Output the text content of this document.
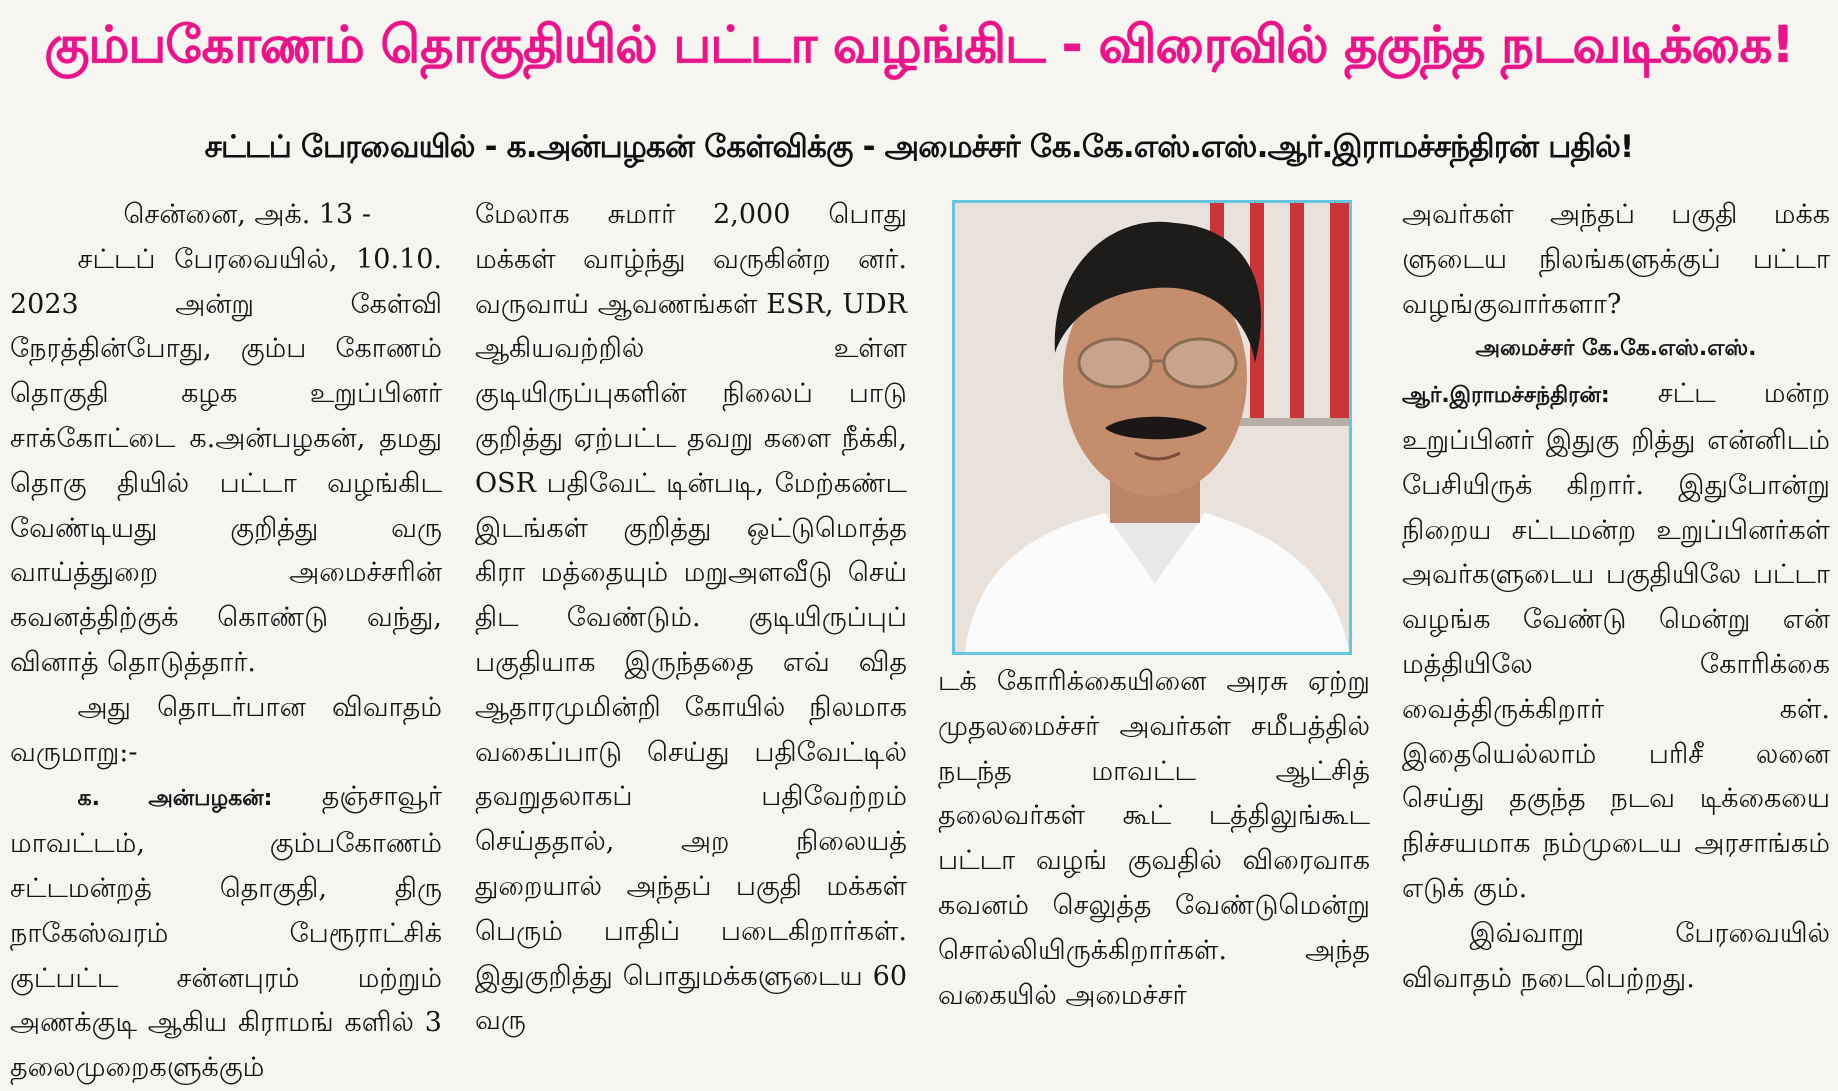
கும்பகோணம் தொகுதியில் பட்டா வழங்கிட - விரைவில் தகுந்த நடவடிக்கை!
சட்டப் பேரவையில் - க.அன்பழகன் கேள்விக்கு - அமைச்சர் கே.கே.எஸ்.எஸ்.ஆர்.இராமச்சந்திரன் பதில்!

சென்னை, அக். 13 -

சட்டப் பேரவையில், 10.10. 2023 அன்று கேள்வி நேரத்தின்போது, கும்ப கோணம் தொகுதி கழக உறுப்பினர் சாக்கோட்டை க.அன்பழகன், தமது தொகு தியில் பட்டா வழங்கிட வேண்டியது குறித்து வரு வாய்த்துறை அமைச்சரின் கவனத்திற்குக் கொண்டு வந்து, வினாத் தொடுத்தார்.

அது தொடர்பான விவாதம் வருமாறு:-

க. அன்பழகன்: தஞ்சாவூர் மாவட்டம், கும்பகோணம் சட்டமன்றத் தொகுதி, திரு நாகேஸ்வரம் பேரூராட்சிக் குட்பட்ட சன்னபுரம் மற்றும் அணக்குடி ஆகிய கிராமங் களில் 3 தலைமுறைகளுக்கும்

மேலாக சுமார் 2,000 பொது மக்கள் வாழ்ந்து வருகின்ற னர். வருவாய் ஆவணங்கள் ESR, UDR ஆகியவற்றில் உள்ள குடியிருப்புகளின் நிலைப் பாடு குறித்து ஏற்பட்ட தவறு களை நீக்கி, OSR பதிவேட் டின்படி, மேற்கண்ட இடங்கள் குறித்து ஒட்டுமொத்த கிரா மத்தையும் மறுஅளவீடு செய் திட வேண்டும். குடியிருப்புப் பகுதியாக இருந்ததை எவ் வித ஆதாரமுமின்றி கோயில் நிலமாக வகைப்பாடு செய்து பதிவேட்டில் தவறுதலாகப் பதிவேற்றம் செய்ததால், அற நிலையத் துறையால் அந்தப் பகுதி மக்கள் பெரும் பாதிப் படைகிறார்கள். இதுகுறித்து பொதுமக்களுடைய 60 வரு

டக் கோரிக்கையினை அரசு ஏற்று முதலமைச்சர் அவர்கள் சமீபத்தில் நடந்த மாவட்ட ஆட்சித் தலைவர்கள் கூட் டத்திலுங்கூட பட்டா வழங் குவதில் விரைவாக கவனம் செலுத்த வேண்டுமென்று சொல்லியிருக்கிறார்கள். அந்த வகையில் அமைச்சர்

அவர்கள் அந்தப் பகுதி மக்க ளுடைய நிலங்களுக்குப் பட்டா வழங்குவார்களா?

அமைச்சர் கே.கே.எஸ்.எஸ்.

ஆர்.இராமச்சந்திரன்: சட்ட மன்ற உறுப்பினர் இதுகு றித்து என்னிடம் பேசியிருக் கிறார். இதுபோன்று நிறைய சட்டமன்ற உறுப்பினர்கள் அவர்களுடைய பகுதியிலே பட்டா வழங்க வேண்டு மென்று என் மத்தியிலே கோரிக்கை வைத்திருக்கிறார் கள். இதையெல்லாம் பரிசீ லனை செய்து தகுந்த நடவ டிக்கையை நிச்சயமாக நம்முடைய அரசாங்கம் எடுக் கும்.

இவ்வாறு பேரவையில் விவாதம் நடைபெற்றது.
